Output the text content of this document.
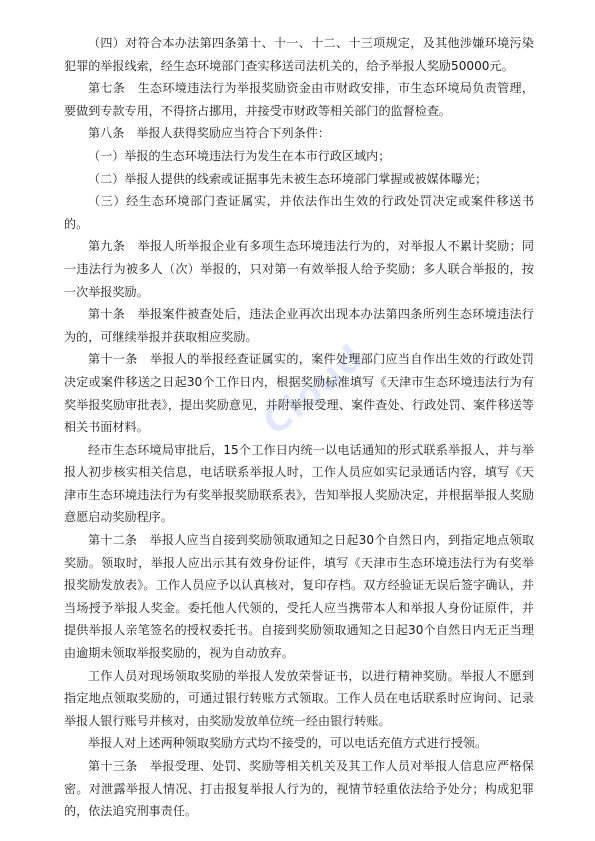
Cloud

（四）对符合本办法第四条第十、十一、十二、十三项规定，及其他涉嫌环境污染犯罪的举报线索，经生态环境部门查实移送司法机关的，给予举报人奖励50000元。

第七条　生态环境违法行为举报奖励资金由市财政安排，市生态环境局负责管理，要做到专款专用，不得挤占挪用，并接受市财政等相关部门的监督检查。

第八条　举报人获得奖励应当符合下列条件：

（一）举报的生态环境违法行为发生在本市行政区域内；

（二）举报人提供的线索或证据事先未被生态环境部门掌握或被媒体曝光；

（三）经生态环境部门查证属实，并依法作出生效的行政处罚决定或案件移送书的。

第九条　举报人所举报企业有多项生态环境违法行为的，对举报人不累计奖励；同一违法行为被多人（次）举报的，只对第一有效举报人给予奖励；多人联合举报的，按一次举报奖励。

第十条　举报案件被查处后，违法企业再次出现本办法第四条所列生态环境违法行为的，可继续举报并获取相应奖励。

第十一条　举报人的举报经查证属实的，案件处理部门应当自作出生效的行政处罚决定或案件移送之日起30个工作日内，根据奖励标准填写《天津市生态环境违法行为有奖举报奖励审批表》，提出奖励意见，并附举报受理、案件查处、行政处罚、案件移送等相关书面材料。

经市生态环境局审批后，15个工作日内统一以电话通知的形式联系举报人，并与举报人初步核实相关信息，电话联系举报人时，工作人员应如实记录通话内容，填写《天津市生态环境违法行为有奖举报奖励联系表》，告知举报人奖励决定，并根据举报人奖励意愿启动奖励程序。

第十二条　举报人应当自接到奖励领取通知之日起30个自然日内，到指定地点领取奖励。领取时，举报人应出示其有效身份证件，填写《天津市生态环境违法行为有奖举报奖励发放表》。工作人员应予以认真核对，复印存档。双方经验证无误后签字确认，并当场授予举报人奖金。委托他人代领的，受托人应当携带本人和举报人身份证原件，并提供举报人亲笔签名的授权委托书。自接到奖励领取通知之日起30个自然日内无正当理由逾期未领取举报奖励的，视为自动放弃。

工作人员对现场领取奖励的举报人发放荣誉证书，以进行精神奖励。举报人不愿到指定地点领取奖励的，可通过银行转账方式领取。工作人员在电话联系时应询问、记录举报人银行账号并核对，由奖励发放单位统一经由银行转账。

举报人对上述两种领取奖励方式均不接受的，可以电话充值方式进行授领。

第十三条　举报受理、处罚、奖励等相关机关及其工作人员对举报人信息应严格保密。对泄露举报人情况、打击报复举报人行为的，视情节轻重依法给予处分；构成犯罪的，依法追究刑事责任。
